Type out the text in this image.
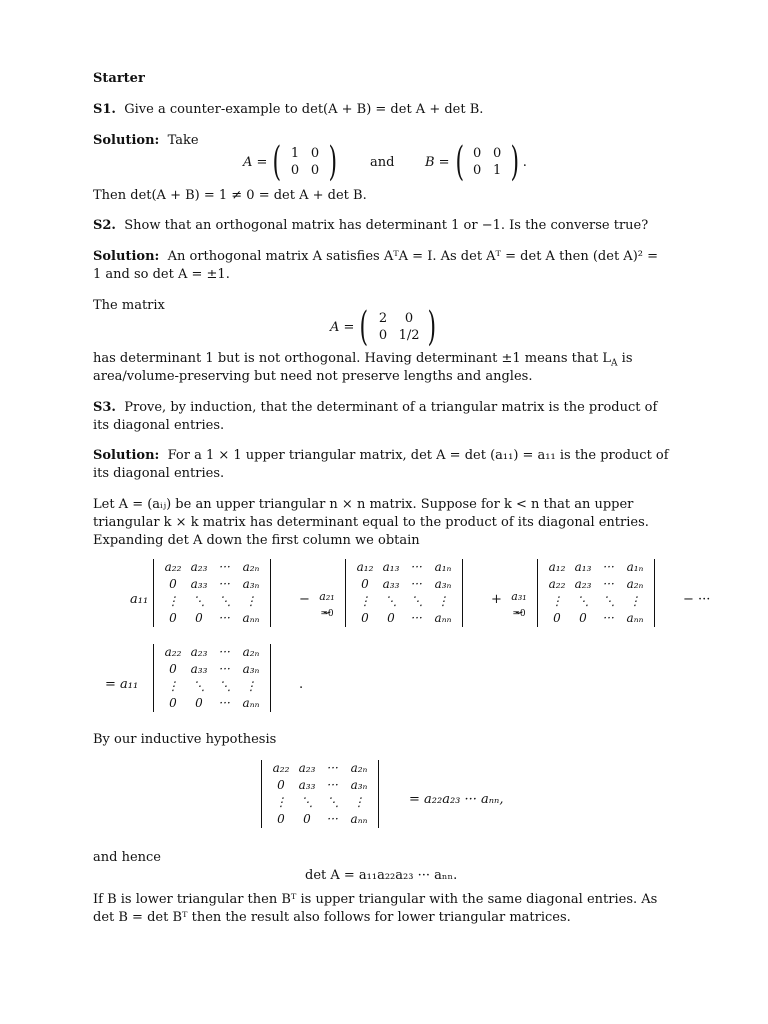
Starter
S1. Give a counter-example to det(A + B) = det A + det B.
Solution: Take
A = ( 1 0
0 0 )	and B = ( 0 0
0 1 ) .
Then det(A + B) = 1 ≠ 0 = det A + det B.
S2. Show that an orthogonal matrix has determinant 1 or −1. Is the converse true?
Solution: An orthogonal matrix A satisfies AᵀA = I. As det Aᵀ = det A then (det A)² =
1 and so det A = ±1.
The matrix
A = ( 2	0
0 1/2 )
has determinant 1 but is not orthogonal. Having determinant ±1 means that $L_A$ is
area/volume-preserving but need not preserve lengths and angles.
S3. Prove, by induction, that the determinant of a triangular matrix is the product of
its diagonal entries.
Solution: For a 1 × 1 upper triangular matrix, det A = det (a₁₁) = a₁₁ is the product of
its diagonal entries.
Let A = (aᵢⱼ) be an upper triangular n × n matrix. Suppose for k < n that an upper
triangular k × k matrix has determinant equal to the product of its diagonal entries.
Expanding det A down the first column we obtain
a₁₁
a₂₂ a₂₃ ··· a₂ₙ
0	a₃₃ ··· a₃ₙ
⋮	⋱	⋱	⋮
0	0	··· aₙₙ
− a₂₁
⏟
=0
a₁₂ a₁₃ ··· a₁ₙ
0	a₃₃ ··· a₃ₙ
⋮	⋱	⋱	⋮
0	0	··· aₙₙ
+ a₃₁
⏟
=0
a₁₂ a₁₃ ··· a₁ₙ
a₂₂ a₂₃ ··· a₂ₙ
⋮	⋱	⋱	⋮
0	0	··· aₙₙ
− ···
= a₁₁
a₂₂ a₂₃ ··· a₂ₙ
0	a₃₃ ··· a₃ₙ
⋮	⋱	⋱	⋮
0	0	··· aₙₙ
.
By our inductive hypothesis
a₂₂ a₂₃ ··· a₂ₙ
0	a₃₃ ··· a₃ₙ
⋮	⋱	⋱	⋮
0	0	··· aₙₙ
= a₂₂a₂₃ ··· aₙₙ,
and hence
det A = a₁₁a₂₂a₂₃ ··· aₙₙ.
If B is lower triangular then Bᵀ is upper triangular with the same diagonal entries. As
det B = det Bᵀ then the result also follows for lower triangular matrices.
